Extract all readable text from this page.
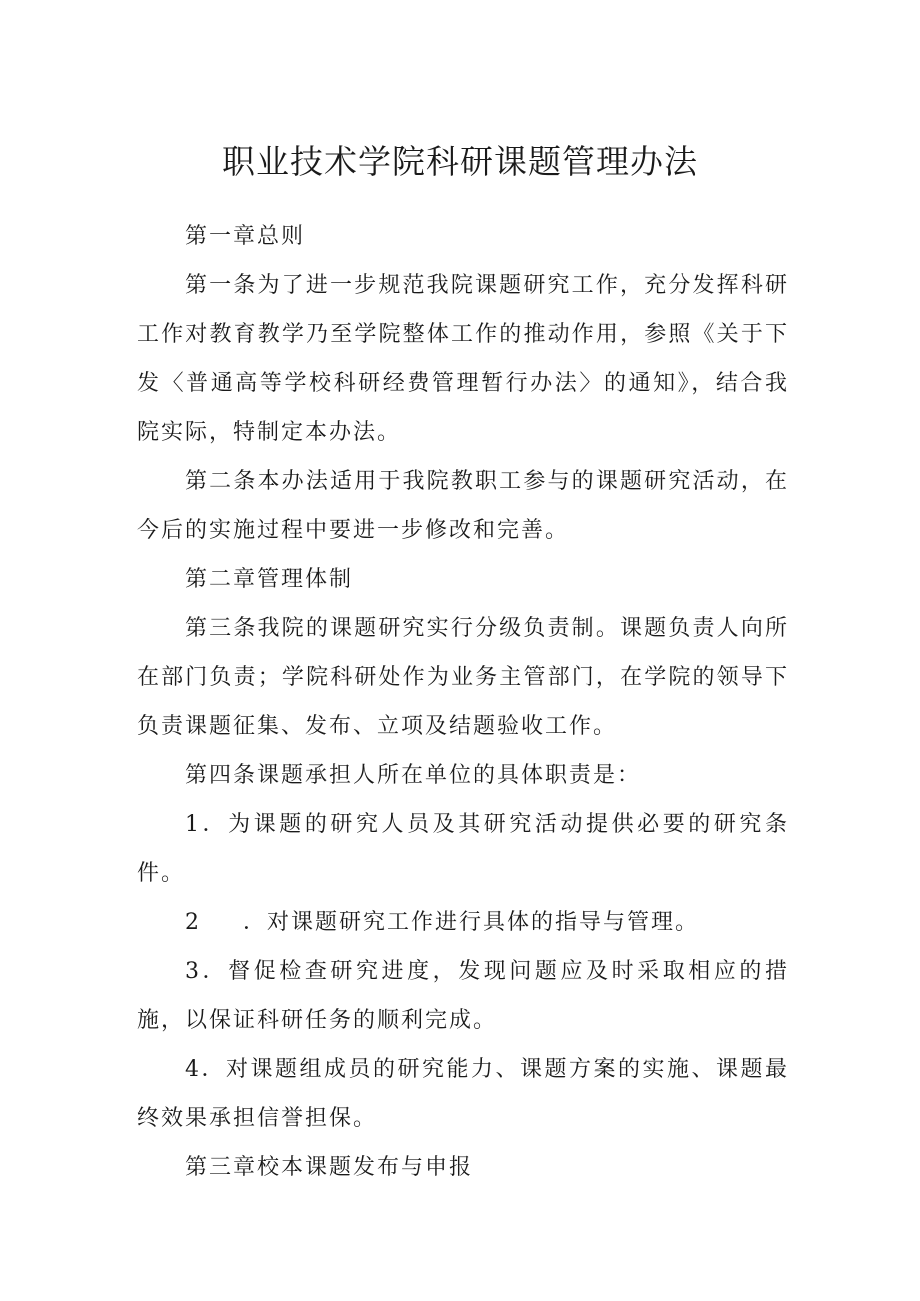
职业技术学院科研课题管理办法

第一章总则

第一条为了进一步规范我院课题研究工作，充分发挥科研工作对教育教学乃至学院整体工作的推动作用，参照《关于下发〈普通高等学校科研经费管理暂行办法〉的通知》，结合我院实际，特制定本办法。

第二条本办法适用于我院教职工参与的课题研究活动，在今后的实施过程中要进一步修改和完善。

第二章管理体制

第三条我院的课题研究实行分级负责制。课题负责人向所在部门负责；学院科研处作为业务主管部门，在学院的领导下负责课题征集、发布、立项及结题验收工作。

第四条课题承担人所在单位的具体职责是：

1．为课题的研究人员及其研究活动提供必要的研究条件。

2 ．对课题研究工作进行具体的指导与管理。

3．督促检查研究进度，发现问题应及时采取相应的措施，以保证科研任务的顺利完成。

4．对课题组成员的研究能力、课题方案的实施、课题最终效果承担信誉担保。

第三章校本课题发布与申报
